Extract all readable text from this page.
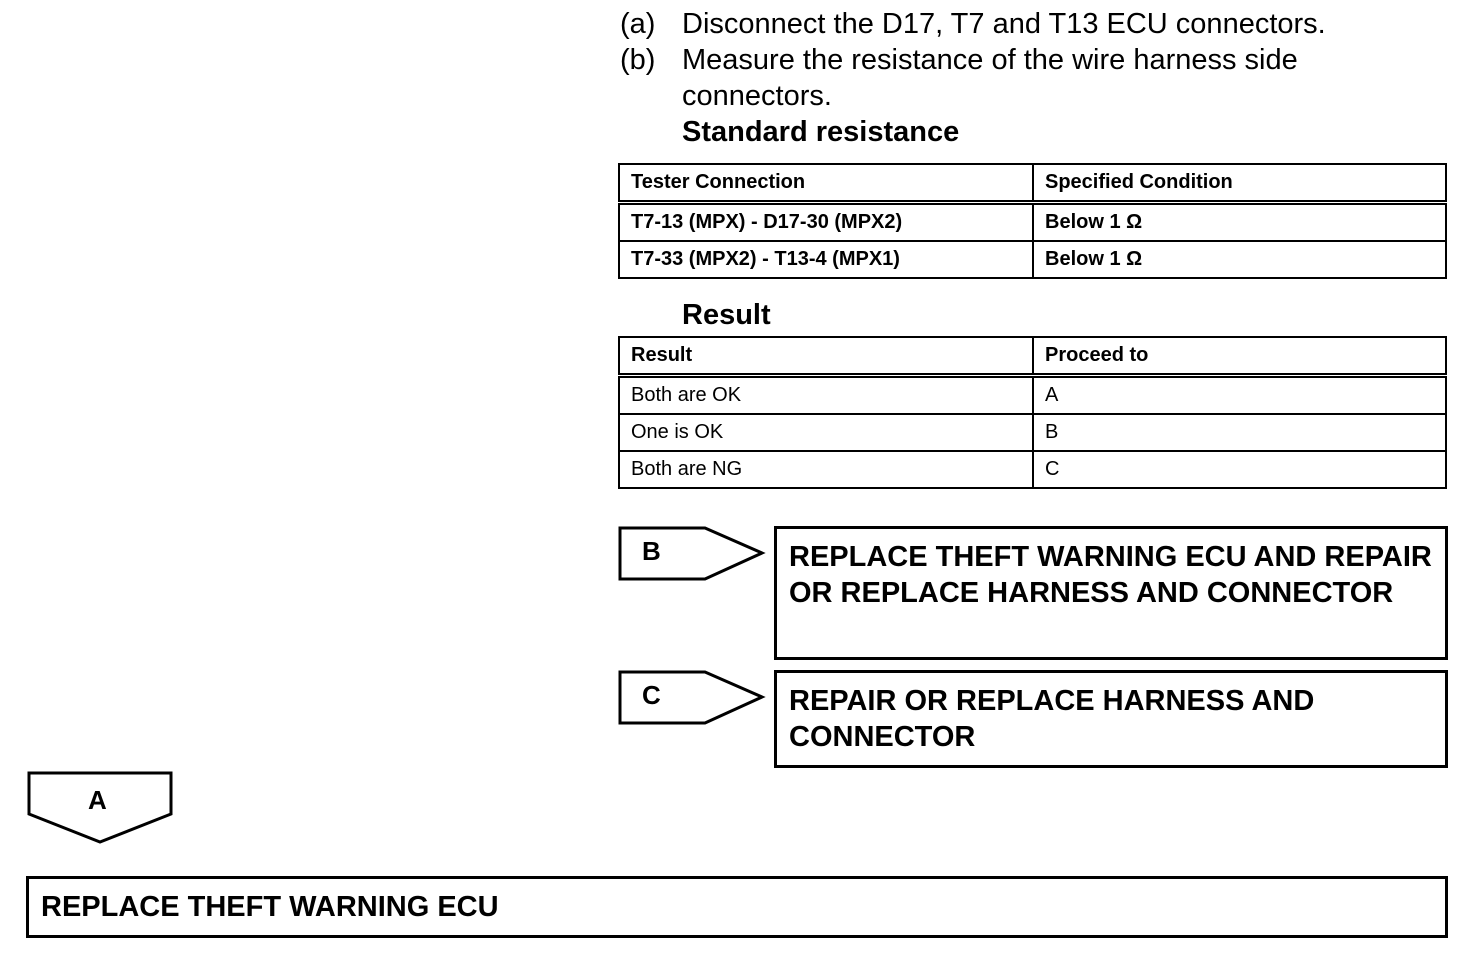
(a) Disconnect the D17, T7 and T13 ECU connectors.
(b) Measure the resistance of the wire harness side connectors.
Standard resistance
Tester Connection	Specified Condition
T7-13 (MPX) - D17-30 (MPX2)	Below 1 Ω
T7-33 (MPX2) - T13-4 (MPX1)	Below 1 Ω
Result
Result	Proceed to
Both are OK	A
One is OK	B
Both are NG	C
B	REPLACE THEFT WARNING ECU AND REPAIR OR REPLACE HARNESS AND CONNECTOR
C	REPAIR OR REPLACE HARNESS AND CONNECTOR
A
REPLACE THEFT WARNING ECU
